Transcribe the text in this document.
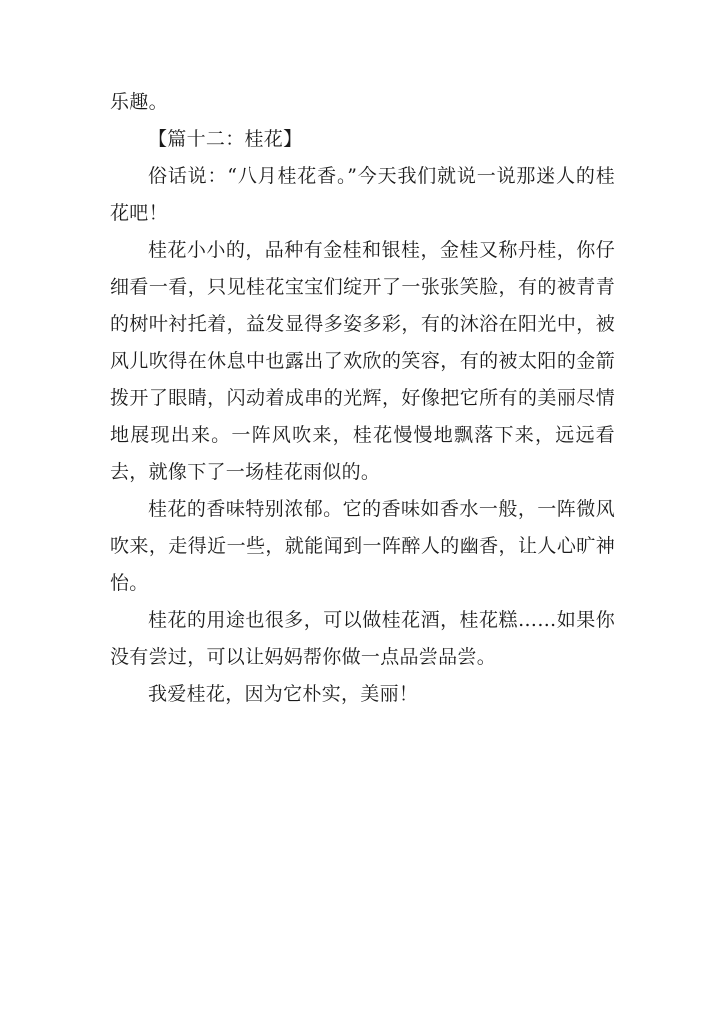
乐趣。

【篇十二：桂花】

俗话说：“八月桂花香。”今天我们就说一说那迷人的桂花吧！

桂花小小的，品种有金桂和银桂，金桂又称丹桂，你仔细看一看，只见桂花宝宝们绽开了一张张笑脸，有的被青青的树叶衬托着，益发显得多姿多彩，有的沐浴在阳光中，被风儿吹得在休息中也露出了欢欣的笑容，有的被太阳的金箭拨开了眼睛，闪动着成串的光辉，好像把它所有的美丽尽情地展现出来。一阵风吹来，桂花慢慢地飘落下来，远远看去，就像下了一场桂花雨似的。

桂花的香味特别浓郁。它的香味如香水一般，一阵微风吹来，走得近一些，就能闻到一阵醉人的幽香，让人心旷神怡。

桂花的用途也很多，可以做桂花酒，桂花糕……如果你没有尝过，可以让妈妈帮你做一点品尝品尝。

我爱桂花，因为它朴实，美丽！
